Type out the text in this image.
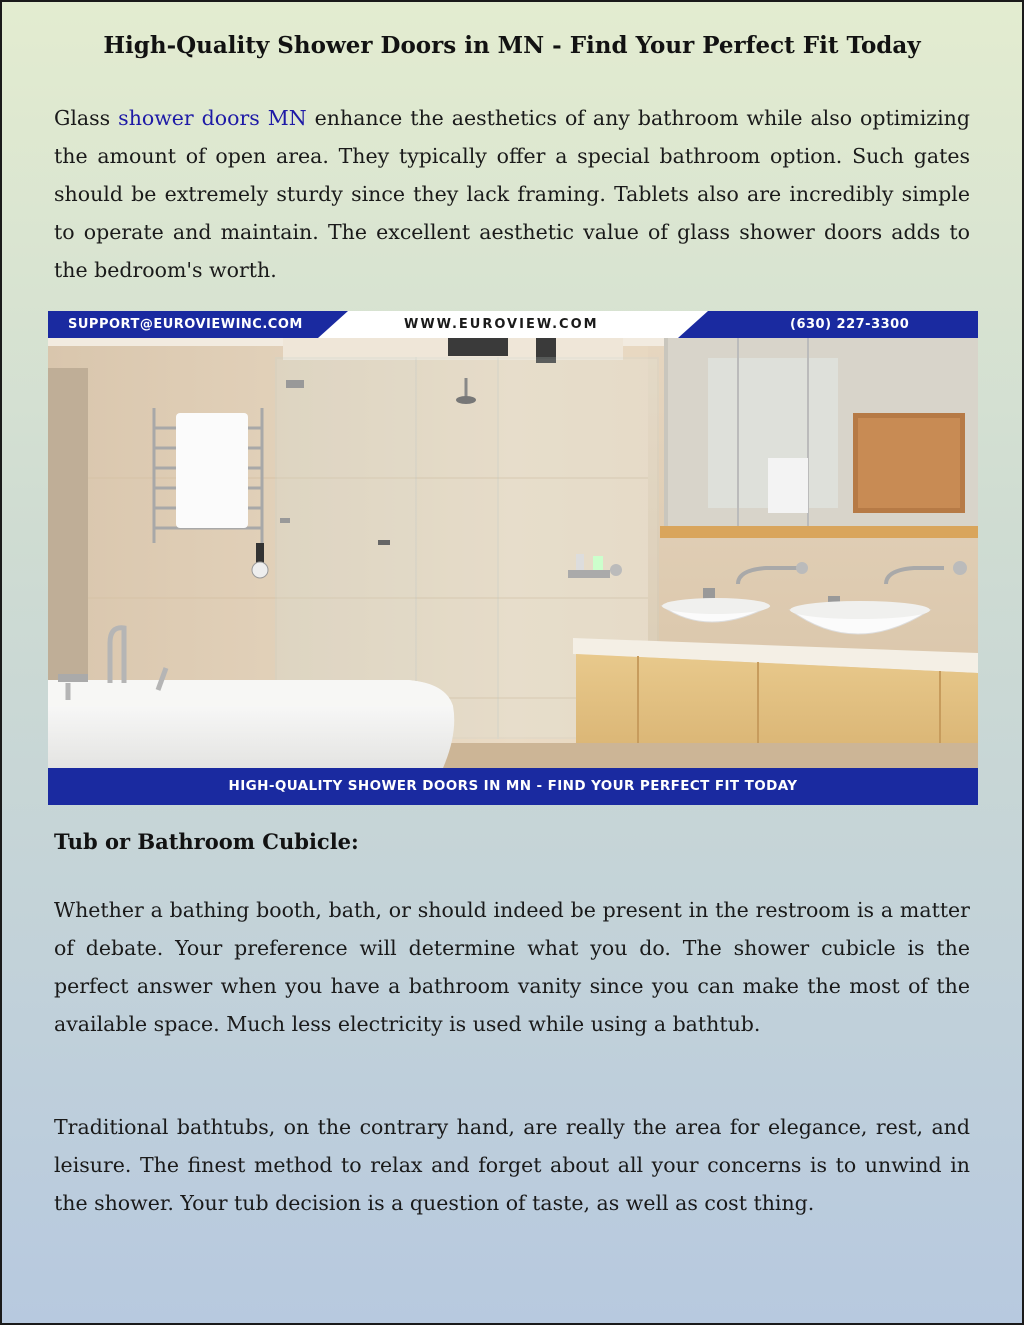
High-Quality Shower Doors in MN - Find Your Perfect Fit Today

Glass shower doors MN enhance the aesthetics of any bathroom while also optimizing the amount of open area. They typically offer a special bathroom option. Such gates should be extremely sturdy since they lack framing. Tablets also are incredibly simple to operate and maintain. The excellent aesthetic value of glass shower doors adds to the bedroom's worth.

SUPPORT@EUROVIEWINC.COM	WWW.EUROVIEW.COM	(630) 227-3300
HIGH-QUALITY SHOWER DOORS IN MN - FIND YOUR PERFECT FIT TODAY
Tub or Bathroom Cubicle:

Whether a bathing booth, bath, or should indeed be present in the restroom is a matter of debate. Your preference will determine what you do. The shower cubicle is the perfect answer when you have a bathroom vanity since you can make the most of the available space. Much less electricity is used while using a bathtub.

Traditional bathtubs, on the contrary hand, are really the area for elegance, rest, and leisure. The finest method to relax and forget about all your concerns is to unwind in the shower. Your tub decision is a question of taste, as well as cost thing.
